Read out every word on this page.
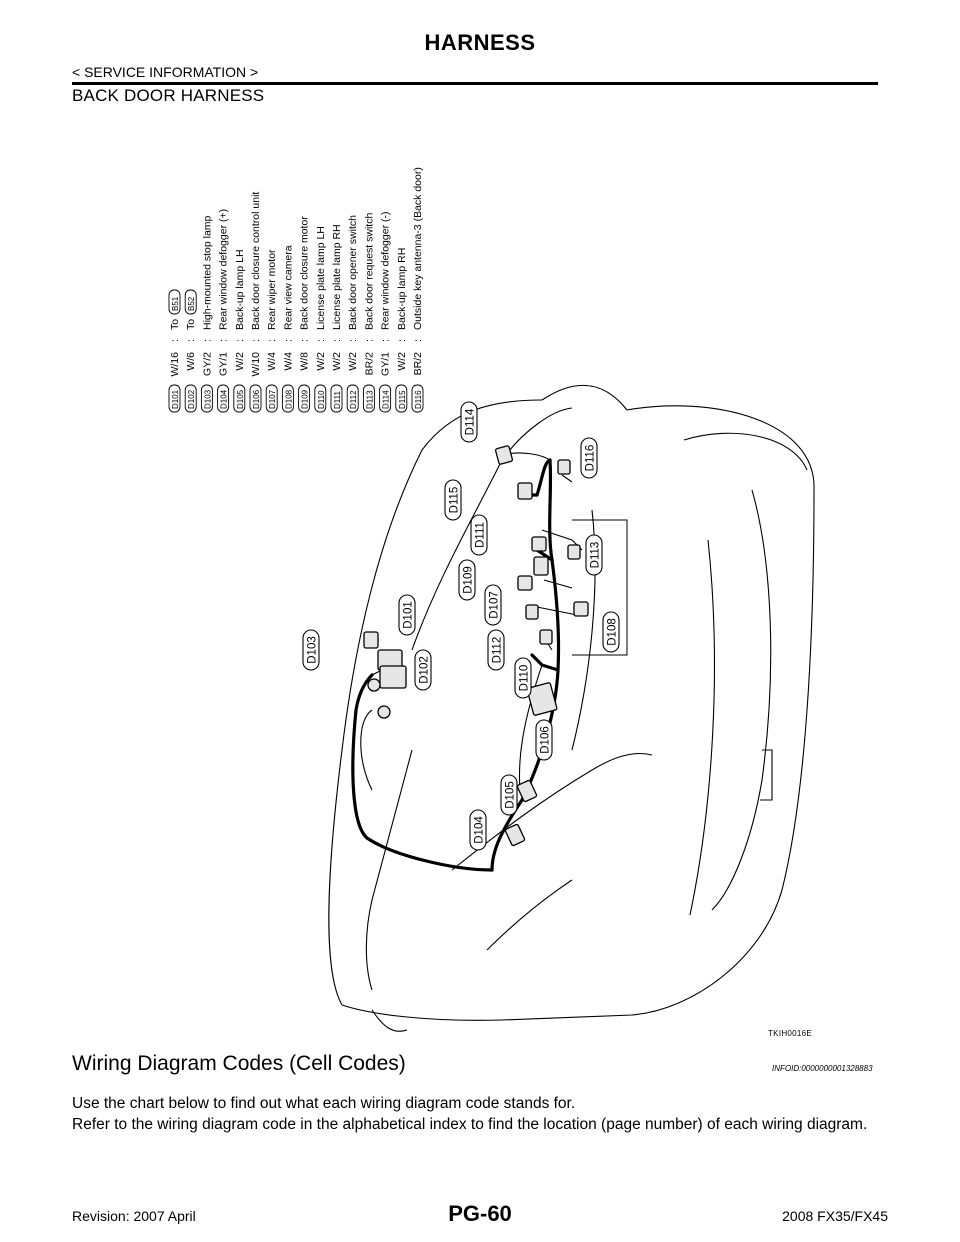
HARNESS
< SERVICE INFORMATION >
BACK DOOR HARNESS
D101
W/16
:
To
B51
D102
W/6
:
To
B52
D103
GY/2
:
High-mounted stop lamp
D104
GY/1
:
Rear window defogger (+)
D105
W/2
:
Back-up lamp LH
D106
W/10
:
Back door closure control unit
D107
W/4
:
Rear wiper motor
D108
W/4
:
Rear view camera
D109
W/8
:
Back door closure motor
D110
W/2
:
License plate lamp LH
D111
W/2
:
License plate lamp RH
D112
W/2
:
Back door opener switch
D113
BR/2
:
Back door request switch
D114
GY/1
:
Rear window defogger (-)
D115
W/2
:
Back-up lamp RH
D116
BR/2
:
Outside key antenna-3 (Back door)
D114
D116
D115
D111
D113
D109
D107
D101
D103
D108
D112
D102	D110
D106
D105
D104
TKIH0016E
Wiring Diagram Codes (Cell Codes)	INFOID:0000000001328883

Use the chart below to find out what each wiring diagram code stands for.

Refer to the wiring diagram code in the alphabetical index to find the location (page number) of each wiring diagram.

Revision: 2007 April	PG-60	2008 FX35/FX45
